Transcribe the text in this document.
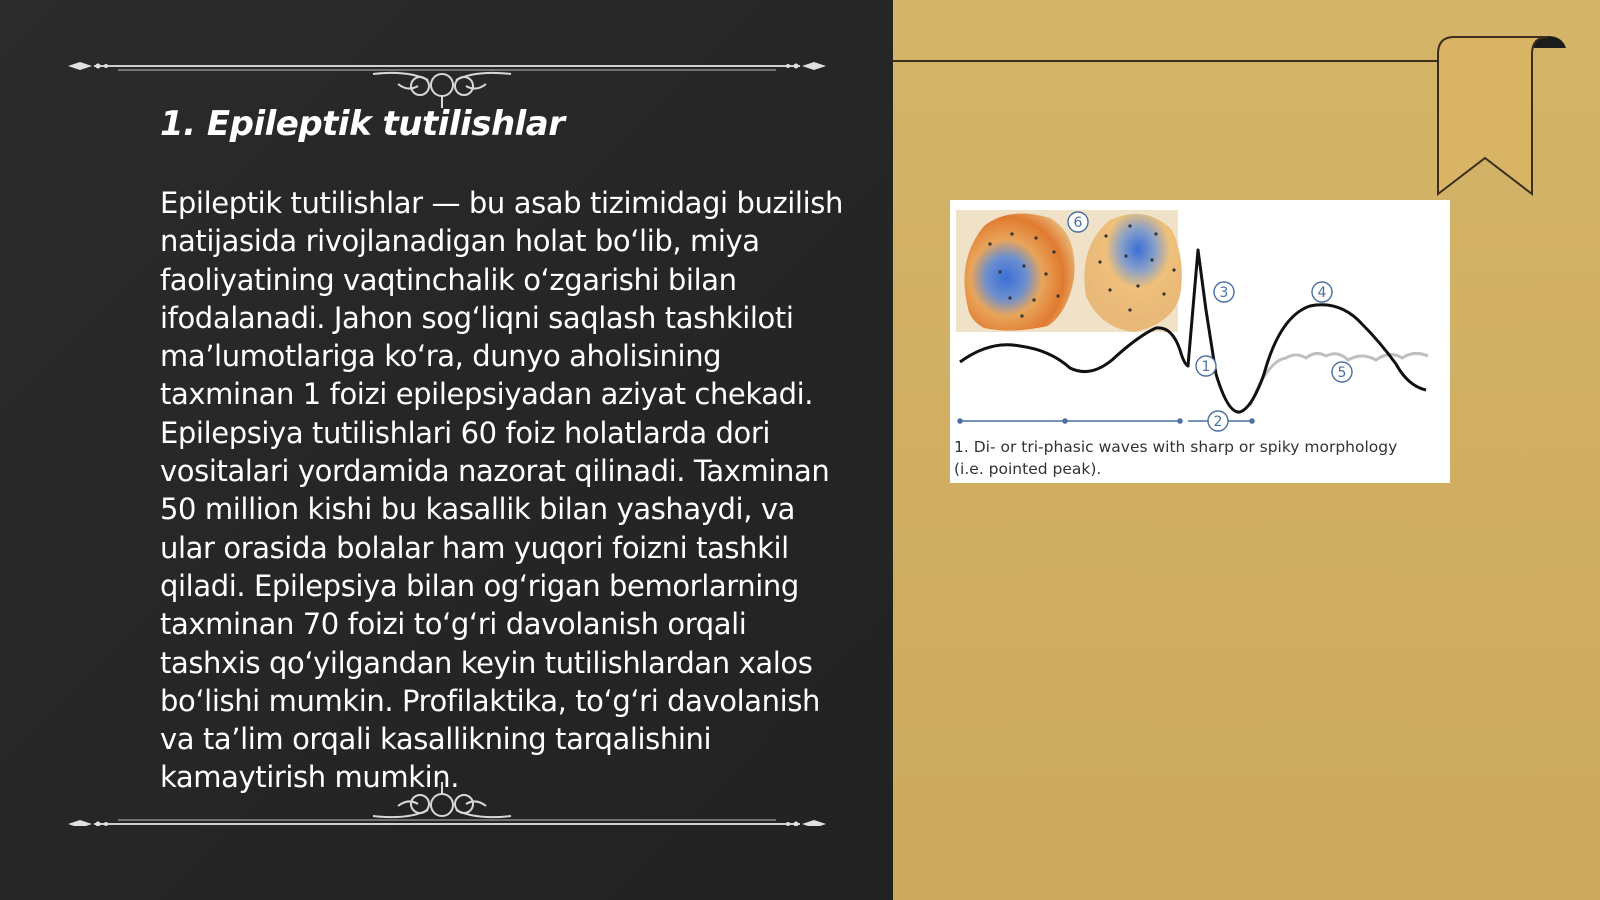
1. Epileptik tutilishlar

Epileptik tutilishlar — bu asab tizimidagi buzilish natijasida rivojlanadigan holat bo‘lib, miya faoliyatining vaqtinchalik o‘zgarishi bilan ifodalanadi. Jahon sog‘liqni saqlash tashkiloti ma’lumotlariga ko‘ra, dunyo aholisining taxminan 1 foizi epilepsiyadan aziyat chekadi. Epilepsiya tutilishlari 60 foiz holatlarda dori vositalari yordamida nazorat qilinadi. Taxminan 50 million kishi bu kasallik bilan yashaydi, va ular orasida bolalar ham yuqori foizni tashkil qiladi. Epilepsiya bilan og‘rigan bemorlarning taxminan 70 foizi to‘g‘ri davolanish orqali tashxis qo‘yilgandan keyin tutilishlardan xalos bo‘lishi mumkin. Profilaktika, to‘g‘ri davolanish va ta’lim orqali kasallikning tarqalishini kamaytirish mumkin.

1
2
3	4
5
6

1. Di- or tri-phasic waves with sharp or spiky morphology
(i.e. pointed peak).
